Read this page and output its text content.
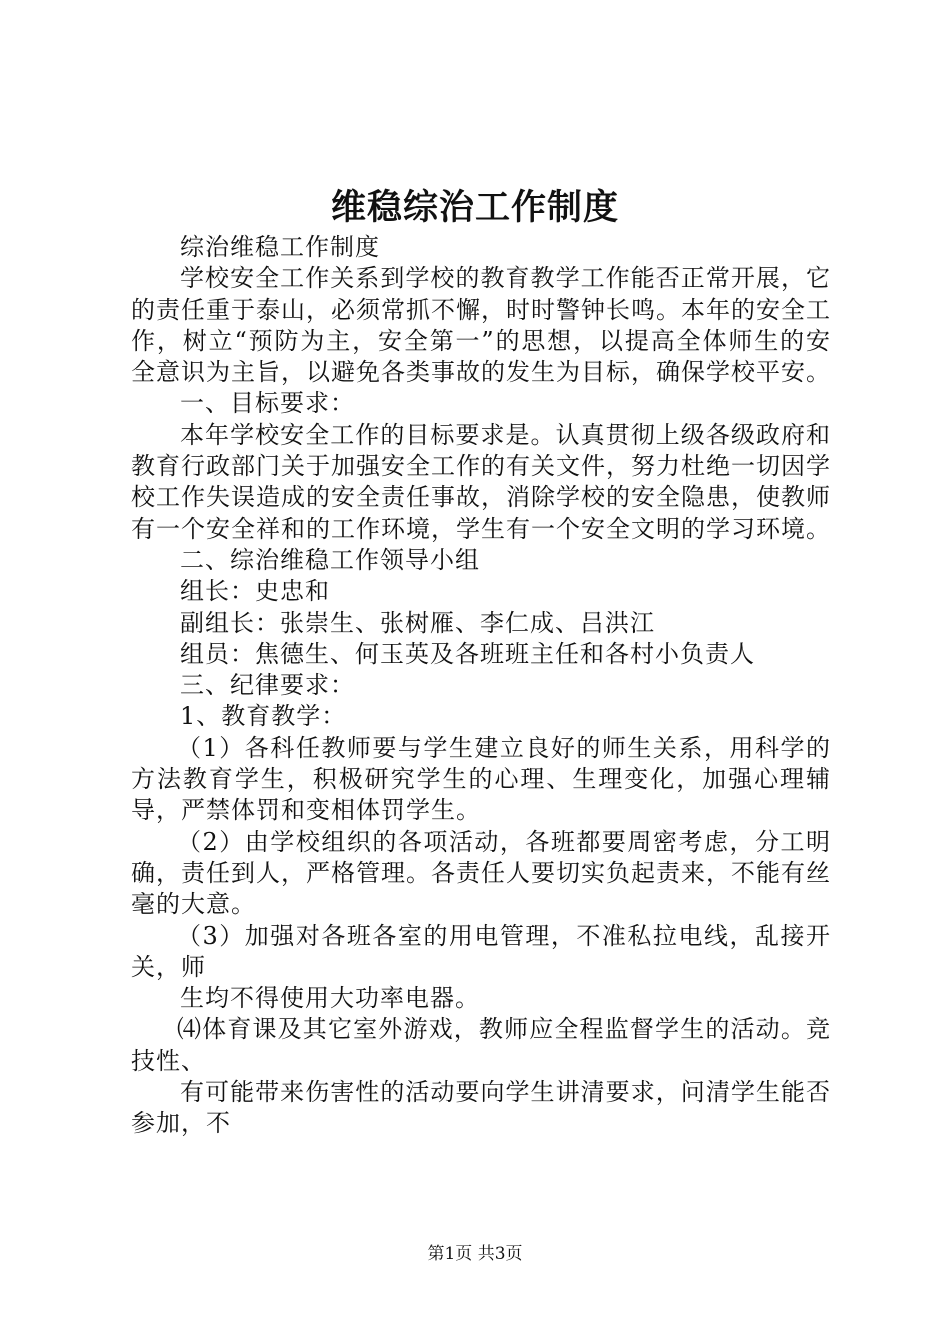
维稳综治工作制度

综治维稳工作制度

学校安全工作关系到学校的教育教学工作能否正常开展，它的责任重于泰山，必须常抓不懈，时时警钟长鸣。本年的安全工作，树立“预防为主，安全第一”的思想，以提高全体师生的安全意识为主旨，以避免各类事故的发生为目标，确保学校平安。

一、目标要求：

本年学校安全工作的目标要求是。认真贯彻上级各级政府和教育行政部门关于加强安全工作的有关文件，努力杜绝一切因学校工作失误造成的安全责任事故，消除学校的安全隐患，使教师有一个安全祥和的工作环境，学生有一个安全文明的学习环境。

二、综治维稳工作领导小组

组长：史忠和

副组长：张崇生、张树雁、李仁成、吕洪江

组员：焦德生、何玉英及各班班主任和各村小负责人

三、纪律要求：

1、教育教学：

（1）各科任教师要与学生建立良好的师生关系，用科学的方法教育学生，积极研究学生的心理、生理变化，加强心理辅导，严禁体罚和变相体罚学生。

（2）由学校组织的各项活动，各班都要周密考虑，分工明确，责任到人，严格管理。各责任人要切实负起责来，不能有丝毫的大意。

（3）加强对各班各室的用电管理，不准私拉电线，乱接开关，师

生均不得使用大功率电器。

⑷体育课及其它室外游戏，教师应全程监督学生的活动。竞技性、

有可能带来伤害性的活动要向学生讲清要求，问清学生能否参加，不

第1页 共3页
